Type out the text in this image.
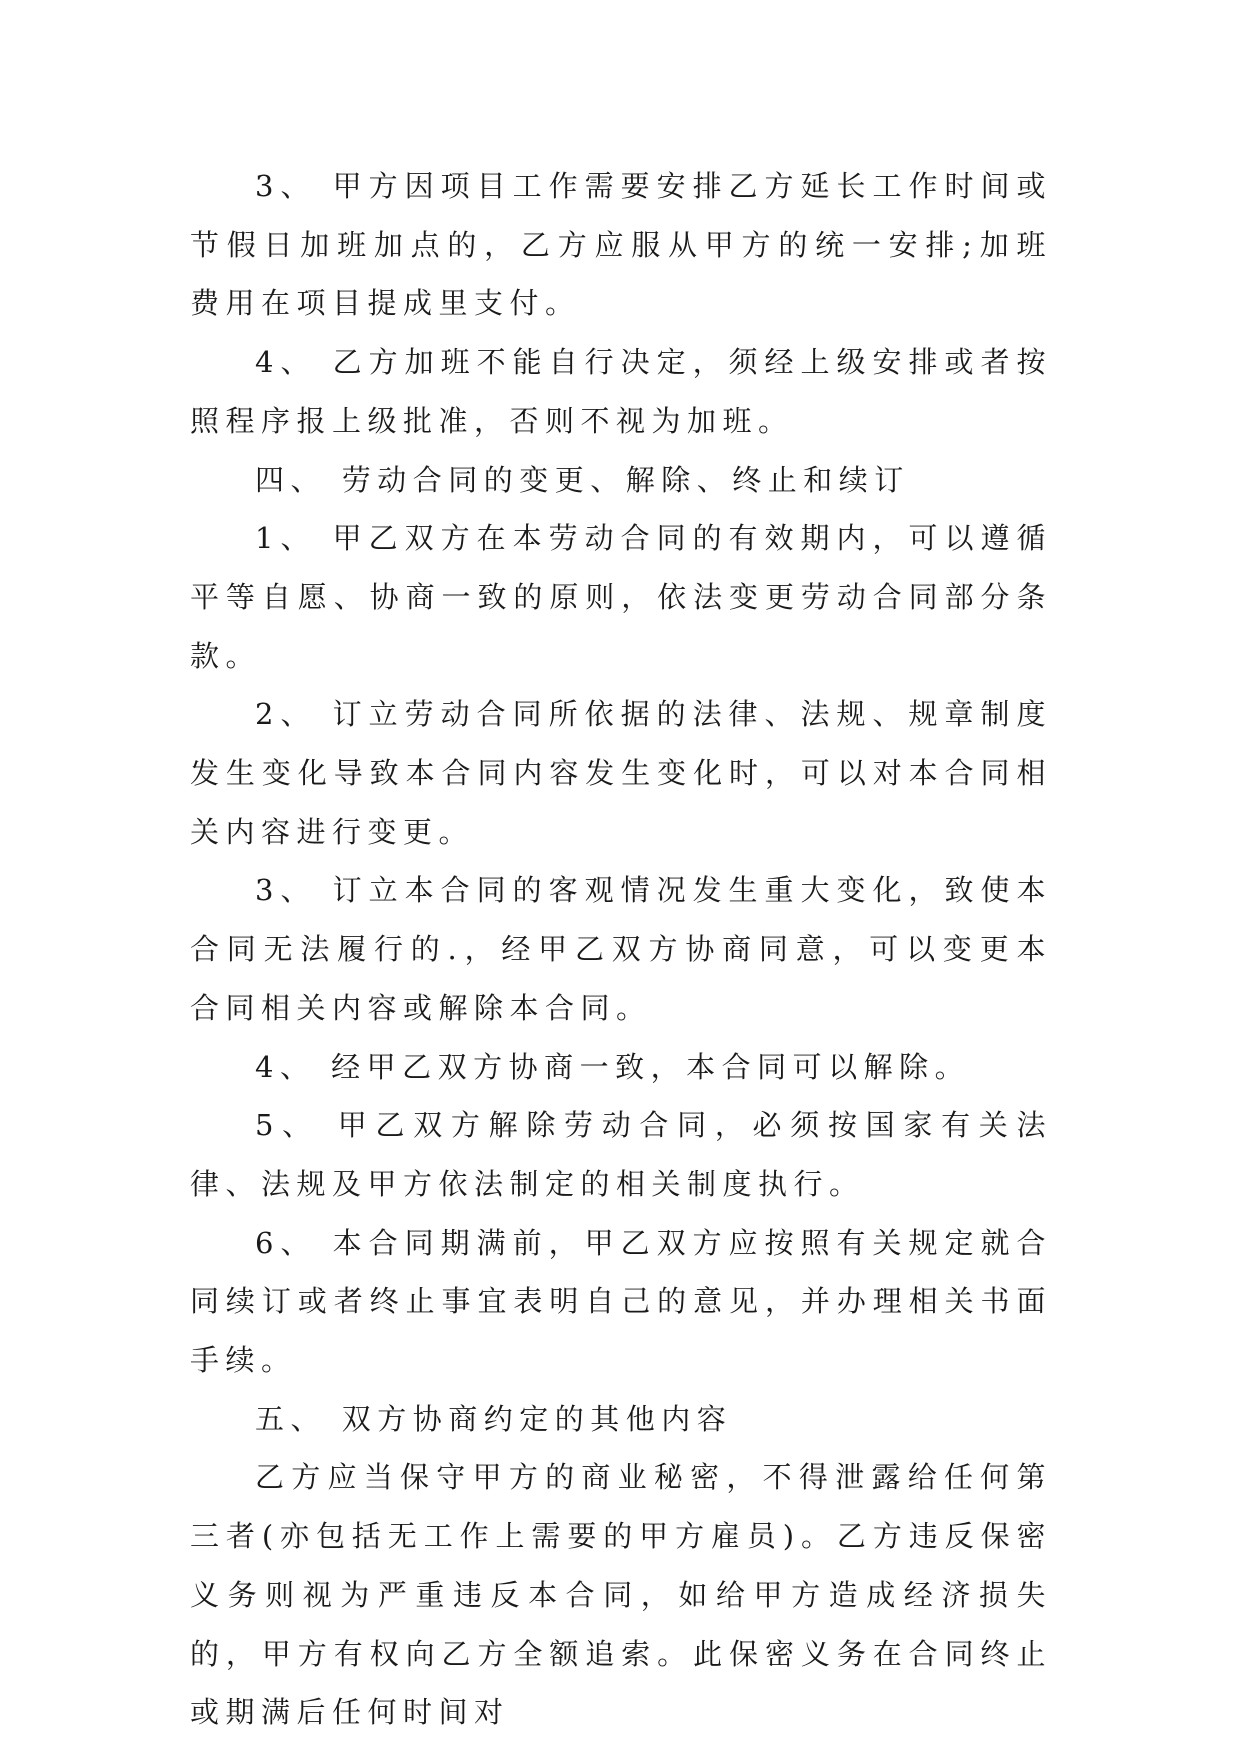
3、 甲方因项目工作需要安排乙方延长工作时间或节假日加班加点的，乙方应服从甲方的统一安排;加班费用在项目提成里支付。

4、 乙方加班不能自行决定，须经上级安排或者按照程序报上级批准，否则不视为加班。

四、 劳动合同的变更、解除、终止和续订

1、 甲乙双方在本劳动合同的有效期内，可以遵循平等自愿、协商一致的原则，依法变更劳动合同部分条款。

2、 订立劳动合同所依据的法律、法规、规章制度发生变化导致本合同内容发生变化时，可以对本合同相关内容进行变更。

3、 订立本合同的客观情况发生重大变化，致使本合同无法履行的.，经甲乙双方协商同意，可以变更本合同相关内容或解除本合同。

4、 经甲乙双方协商一致，本合同可以解除。

5、 甲乙双方解除劳动合同，必须按国家有关法律、法规及甲方依法制定的相关制度执行。

6、 本合同期满前，甲乙双方应按照有关规定就合同续订或者终止事宜表明自己的意见，并办理相关书面手续。

五、 双方协商约定的其他内容

乙方应当保守甲方的商业秘密，不得泄露给任何第三者(亦包括无工作上需要的甲方雇员)。乙方违反保密义务则视为严重违反本合同，如给甲方造成经济损失的，甲方有权向乙方全额追索。此保密义务在合同终止或期满后任何时间对
